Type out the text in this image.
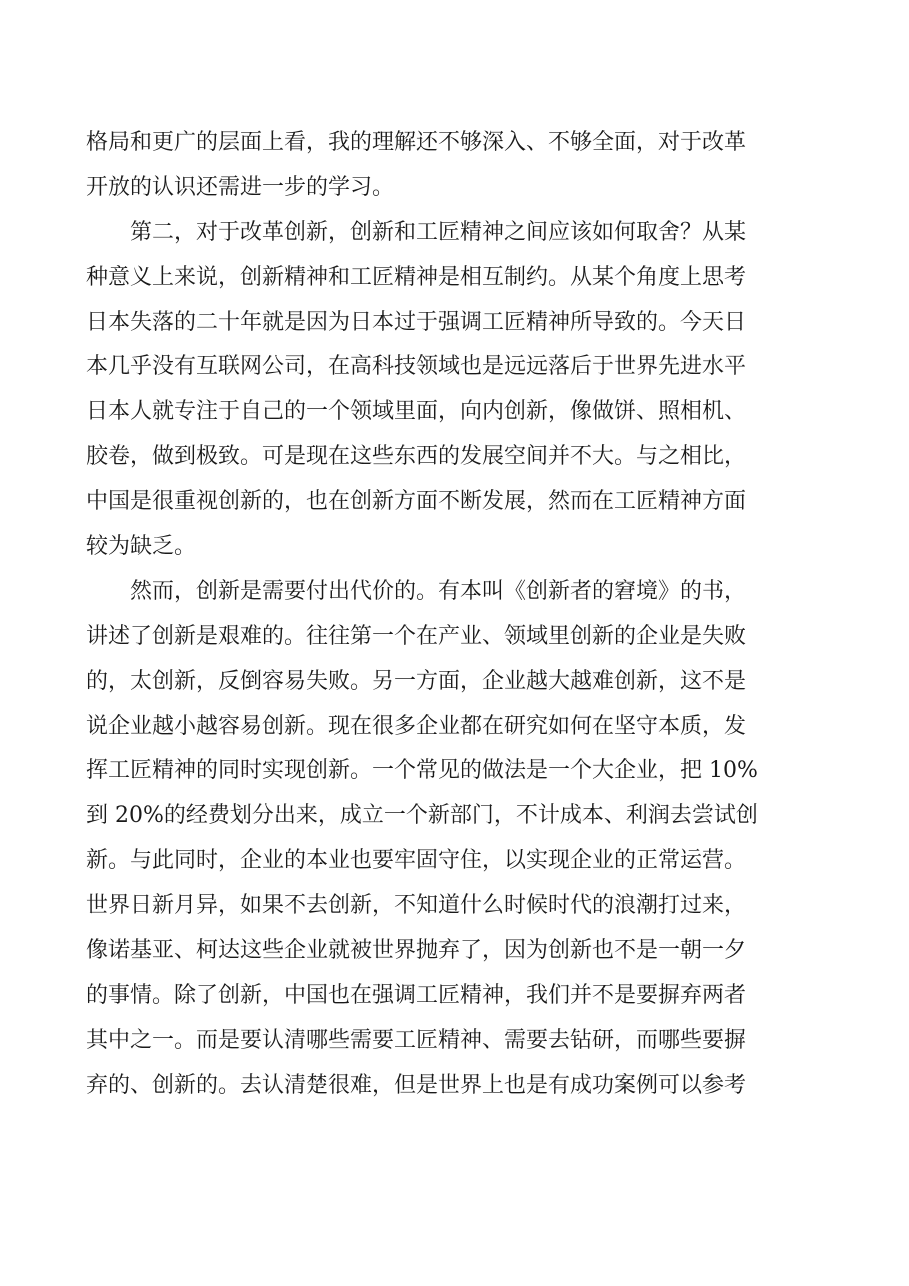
格局和更广的层面上看，我的理解还不够深入、不够全面，对于改革
开放的认识还需进一步的学习。
第二，对于改革创新，创新和工匠精神之间应该如何取舍？从某
种意义上来说，创新精神和工匠精神是相互制约。从某个角度上思考
日本失落的二十年就是因为日本过于强调工匠精神所导致的。今天日
本几乎没有互联网公司，在高科技领域也是远远落后于世界先进水平
日本人就专注于自己的一个领域里面，向内创新，像做饼、照相机、
胶卷，做到极致。可是现在这些东西的发展空间并不大。与之相比，
中国是很重视创新的，也在创新方面不断发展，然而在工匠精神方面
较为缺乏。
然而，创新是需要付出代价的。有本叫《创新者的窘境》的书，
讲述了创新是艰难的。往往第一个在产业、领域里创新的企业是失败
的，太创新，反倒容易失败。另一方面，企业越大越难创新，这不是
说企业越小越容易创新。现在很多企业都在研究如何在坚守本质，发
挥工匠精神的同时实现创新。一个常见的做法是一个大企业，把 10%
到 20%的经费划分出来，成立一个新部门，不计成本、利润去尝试创
新。与此同时，企业的本业也要牢固守住，以实现企业的正常运营。
世界日新月异，如果不去创新，不知道什么时候时代的浪潮打过来，
像诺基亚、柯达这些企业就被世界抛弃了，因为创新也不是一朝一夕
的事情。除了创新，中国也在强调工匠精神，我们并不是要摒弃两者
其中之一。而是要认清哪些需要工匠精神、需要去钻研，而哪些要摒
弃的、创新的。去认清楚很难，但是世界上也是有成功案例可以参考
